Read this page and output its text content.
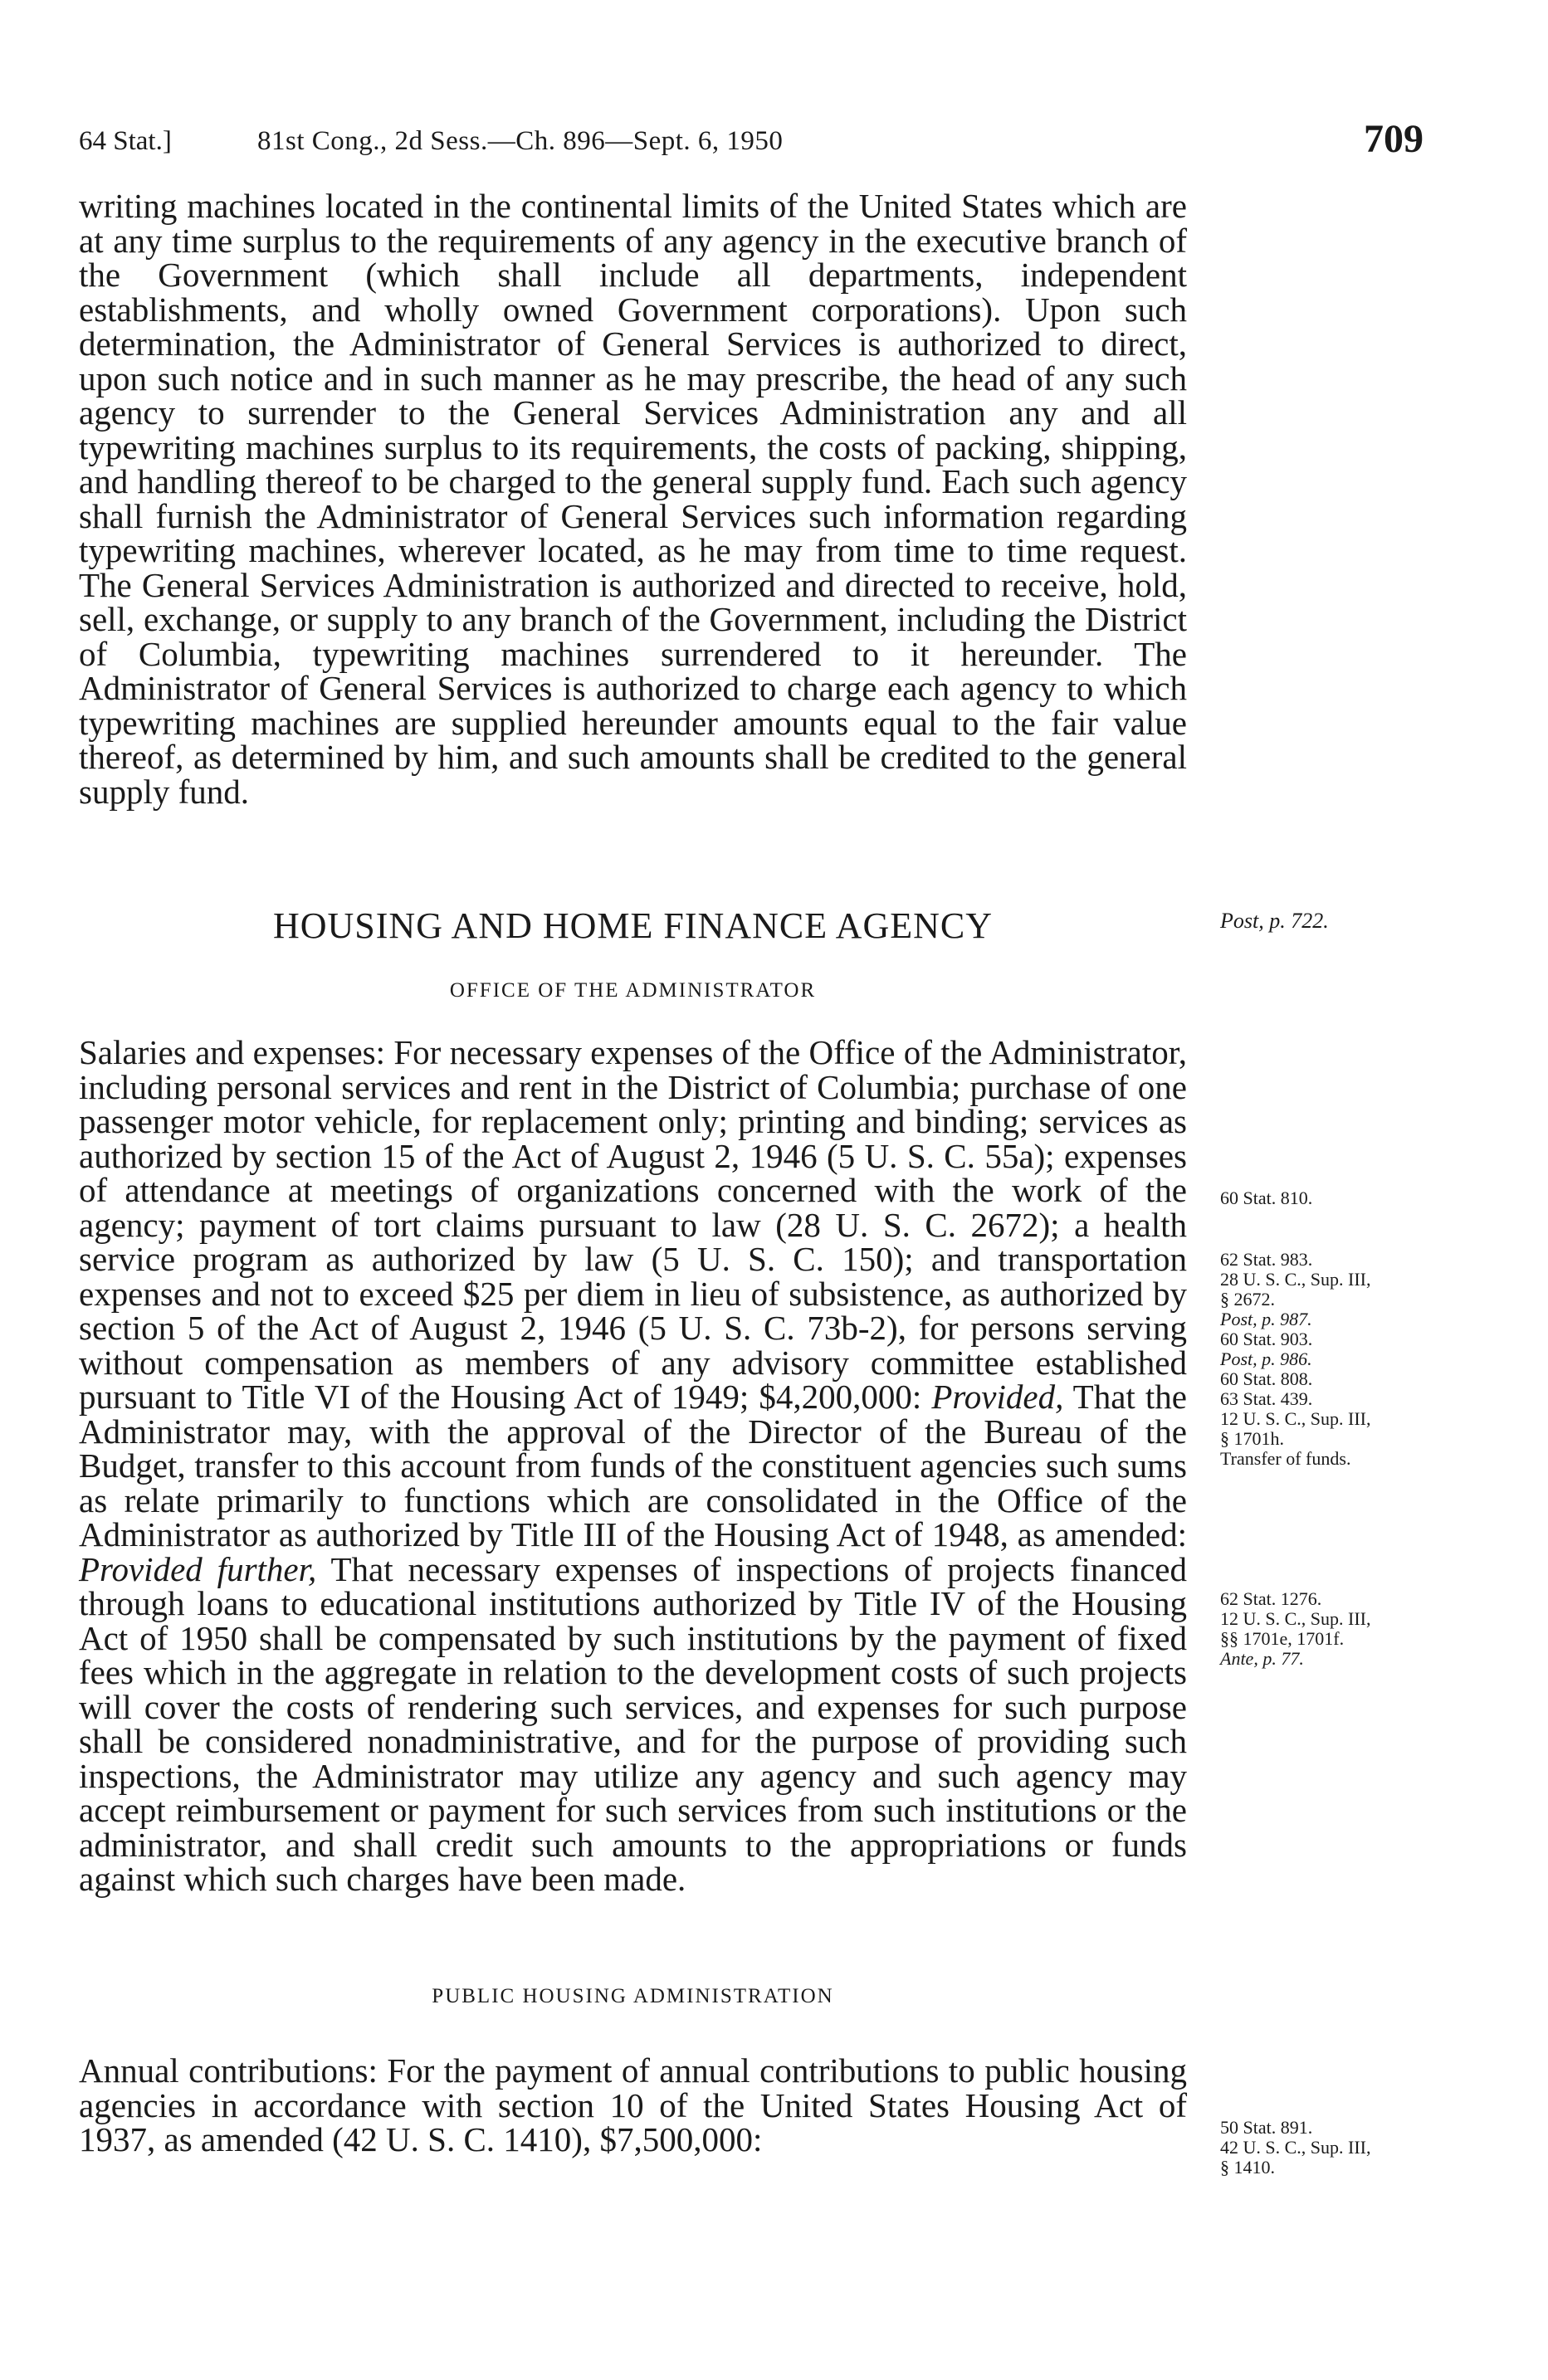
64 Stat.]	81st Cong., 2d Sess.—Ch. 896—Sept. 6, 1950	709

writing machines located in the continental limits of the United States which are at any time surplus to the requirements of any agency in the executive branch of the Government (which shall include all departments, independent establishments, and wholly owned Government corporations). Upon such determination, the Administrator of General Services is authorized to direct, upon such notice and in such manner as he may prescribe, the head of any such agency to surrender to the General Services Administration any and all typewriting machines surplus to its requirements, the costs of packing, shipping, and handling thereof to be charged to the general supply fund. Each such agency shall furnish the Administrator of General Services such information regarding typewriting machines, wherever located, as he may from time to time request. The General Services Administration is authorized and directed to receive, hold, sell, exchange, or supply to any branch of the Government, including the District of Columbia, typewriting machines surrendered to it hereunder. The Administrator of General Services is authorized to charge each agency to which typewriting machines are supplied hereunder amounts equal to the fair value thereof, as determined by him, and such amounts shall be credited to the general supply fund.

HOUSING AND HOME FINANCE AGENCY	Post, p. 722.
OFFICE OF THE ADMINISTRATOR

Salaries and expenses: For necessary expenses of the Office of the Administrator, including personal services and rent in the District of Columbia; purchase of one passenger motor vehicle, for replacement only; printing and binding; services as authorized by section 15 of the Act of August 2, 1946 (5 U. S. C. 55a); expenses of attendance at meetings of organizations concerned with the work of the agency; payment of tort claims pursuant to law (28 U. S. C. 2672); a health service program as authorized by law (5 U. S. C. 150); and transportation expenses and not to exceed $25 per diem in lieu of subsistence, as authorized by section 5 of the Act of August 2, 1946 (5 U. S. C. 73b-2), for persons serving without compensation as members of any advisory committee established pursuant to Title VI of the Housing Act of 1949; $4,200,000: Provided, That the Administrator may, with the approval of the Director of the Bureau of the Budget, transfer to this account from funds of the constituent agencies such sums as relate primarily to functions which are consolidated in the Office of the Administrator as authorized by Title III of the Housing Act of 1948, as amended: Provided further, That necessary expenses of inspections of projects financed through loans to educational institutions authorized by Title IV of the Housing Act of 1950 shall be compensated by such institutions by the payment of fixed fees which in the aggregate in relation to the development costs of such projects will cover the costs of rendering such services, and expenses for such purpose shall be considered nonadministrative, and for the purpose of providing such inspections, the Administrator may utilize any agency and such agency may accept reimbursement or payment for such services from such institutions or the administrator, and shall credit such amounts to the appropriations or funds against which such charges have been made.

60 Stat. 810.
62 Stat. 983.
28 U. S. C., Sup. III,
§ 2672.
Post, p. 987.
60 Stat. 903.
Post, p. 986.
60 Stat. 808.
63 Stat. 439.
12 U. S. C., Sup. III,
§ 1701h.
Transfer of funds.
62 Stat. 1276.
12 U. S. C., Sup. III,
§§ 1701e, 1701f.
Ante, p. 77.
PUBLIC HOUSING ADMINISTRATION

Annual contributions: For the payment of annual contributions to public housing agencies in accordance with section 10 of the United States Housing Act of 1937, as amended (42 U. S. C. 1410), $7,500,000:	50 Stat. 891.
42 U. S. C., Sup. III,
§ 1410.
